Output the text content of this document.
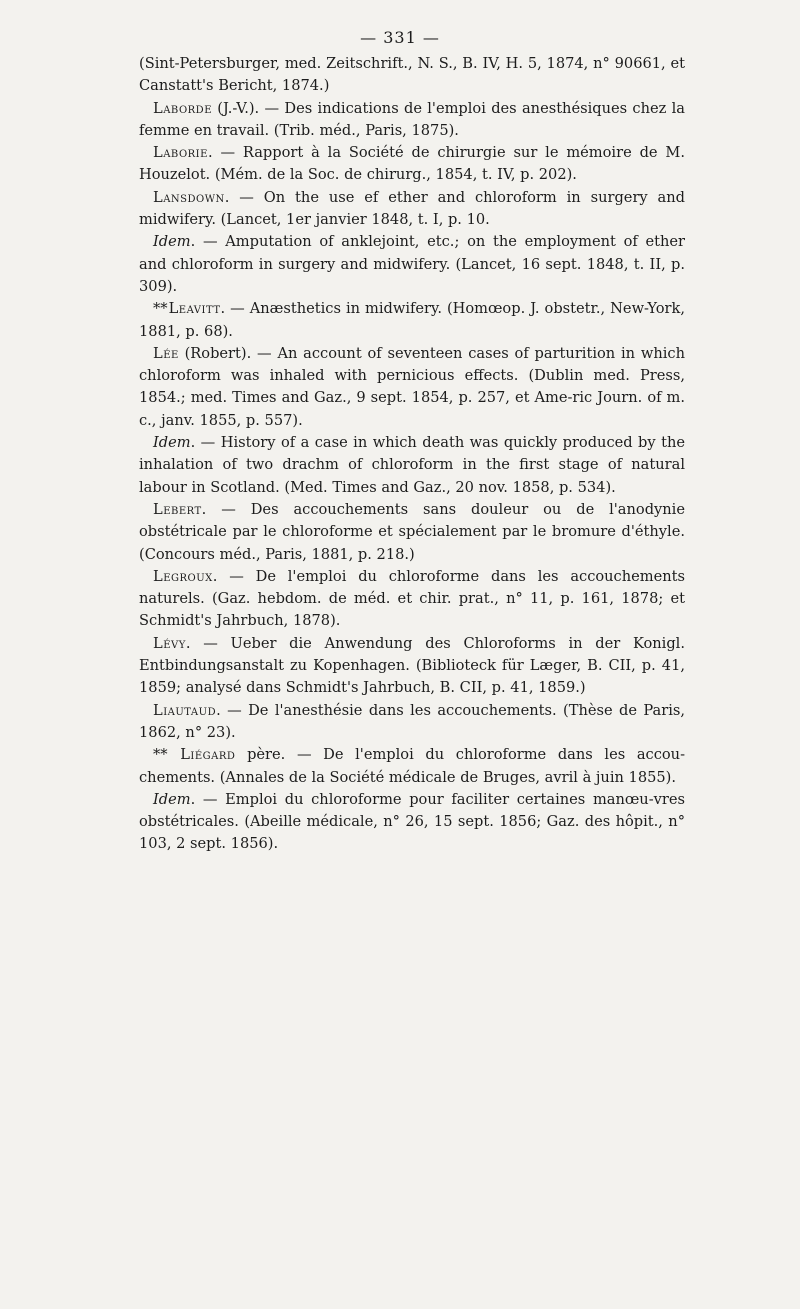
— 331 —

(Sint-Petersburger, med. Zeitschrift., N. S., B. IV, H. 5, 1874, n° 90661, et Canstatt's Bericht, 1874.)

Laborde (J.-V.). — Des indications de l'emploi des anesthésiques chez la femme en travail. (Trib. méd., Paris, 1875).

Laborie. — Rapport à la Société de chirurgie sur le mémoire de M. Houzelot. (Mém. de la Soc. de chirurg., 1854, t. IV, p. 202).

Lansdown. — On the use ef ether and chloroform in surgery and midwifery. (Lancet, 1er janvier 1848, t. I, p. 10.

Idem. — Amputation of anklejoint, etc.; on the employment of ether and chloroform in surgery and midwifery. (Lancet, 16 sept. 1848, t. II, p. 309).

**Leavitt. — Anæsthetics in midwifery. (Homœop. J. obstetr., New-York, 1881, p. 68).

Lée (Robert). — An account of seventeen cases of parturition in which chloroform was inhaled with pernicious effects. (Dublin med. Press, 1854.; med. Times and Gaz., 9 sept. 1854, p. 257, et Ame-ric Journ. of m. c., janv. 1855, p. 557).

Idem. — History of a case in which death was quickly produced by the inhalation of two drachm of chloroform in the first stage of natural labour in Scotland. (Med. Times and Gaz., 20 nov. 1858, p. 534).

Lebert. — Des accouchements sans douleur ou de l'anodynie obstétricale par le chloroforme et spécialement par le bromure d'éthyle. (Concours méd., Paris, 1881, p. 218.)

Legroux. — De l'emploi du chloroforme dans les accouchements naturels. (Gaz. hebdom. de méd. et chir. prat., n° 11, p. 161, 1878; et Schmidt's Jahrbuch, 1878).

Lévy. — Ueber die Anwendung des Chloroforms in der Konigl. Entbindungsanstalt zu Kopenhagen. (Biblioteck für Læger, B. CII, p. 41, 1859; analysé dans Schmidt's Jahrbuch, B. CII, p. 41, 1859.)

Liautaud. — De l'anesthésie dans les accouchements. (Thèse de Paris, 1862, n° 23).

** Liégard père. — De l'emploi du chloroforme dans les accou-chements. (Annales de la Société médicale de Bruges, avril à juin 1855).

Idem. — Emploi du chloroforme pour faciliter certaines manœu-vres obstétricales. (Abeille médicale, n° 26, 15 sept. 1856; Gaz. des hôpit., n° 103, 2 sept. 1856).
